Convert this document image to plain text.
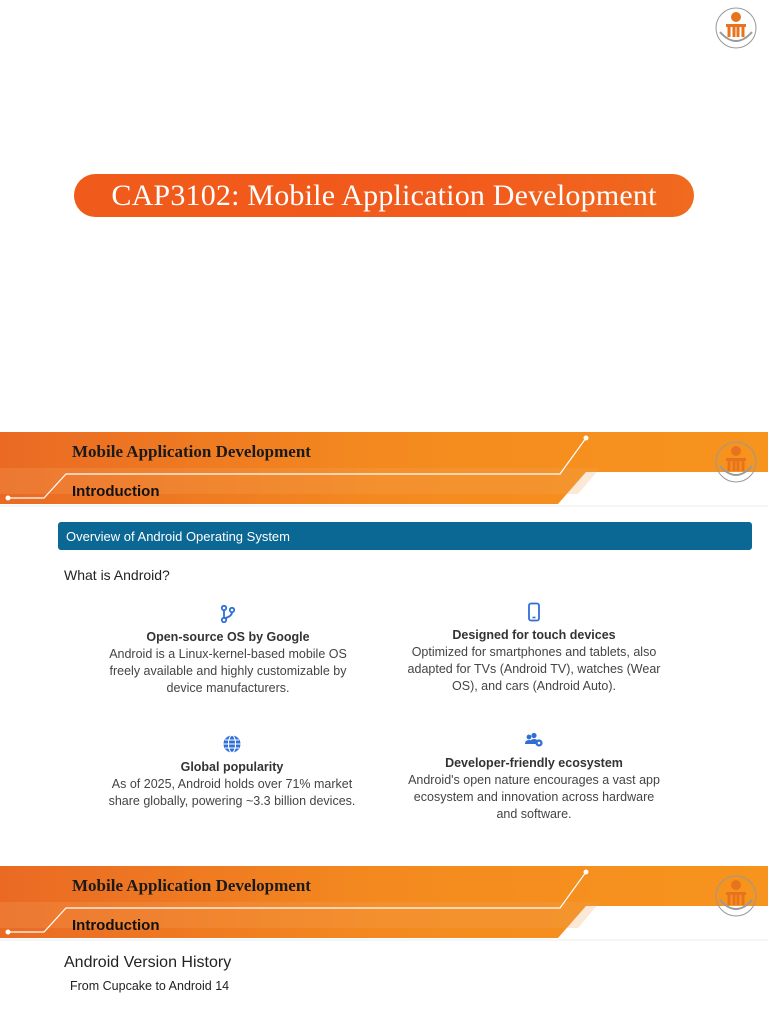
CAP3102: Mobile Application Development
Mobile Application Development
Introduction
Overview of Android Operating System
What is Android?
Open-source OS by Google
Android is a Linux-kernel-based mobile OS
freely available and highly customizable by
device manufacturers.
Designed for touch devices
Optimized for smartphones and tablets, also
adapted for TVs (Android TV), watches (Wear
OS), and cars (Android Auto).
Global popularity
As of 2025, Android holds over 71% market
share globally, powering ~3.3 billion devices.
Developer-friendly ecosystem
Android's open nature encourages a vast app
ecosystem and innovation across hardware
and software.
Mobile Application Development
Introduction
Android Version History
From Cupcake to Android 14
